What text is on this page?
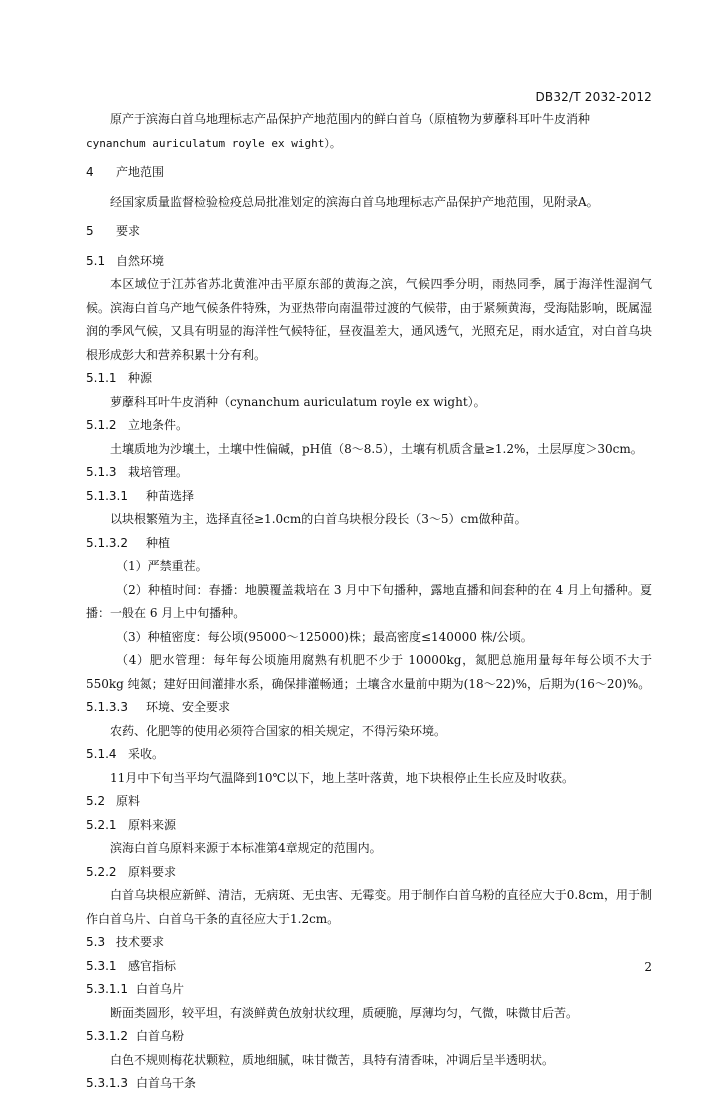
DB32/T 2032-2012

原产于滨海白首乌地理标志产品保护产地范围内的鲜白首乌（原植物为萝藦科耳叶牛皮消种

cynanchum auriculatum royle ex wight）。

4 产地范围

经国家质量监督检验检疫总局批准划定的滨海白首乌地理标志产品保护产地范围，见附录A。

5 要求

5.1 自然环境

本区域位于江苏省苏北黄淮冲击平原东部的黄海之滨，气候四季分明，雨热同季，属于海洋性湿润气候。滨海白首乌产地气候条件特殊，为亚热带向南温带过渡的气候带，由于紧频黄海，受海陆影响，既属湿润的季风气候，又具有明显的海洋性气候特征，昼夜温差大，通风透气，光照充足，雨水适宜，对白首乌块根形成彭大和营养积累十分有利。

5.1.1 种源

萝藦科耳叶牛皮消种（cynanchum auriculatum royle ex wight）。

5.1.2 立地条件。

土壤质地为沙壤土，土壤中性偏碱，pH值（8～8.5），土壤有机质含量≥1.2%，土层厚度＞30cm。

5.1.3 栽培管理。

5.1.3.1 种苗选择

以块根繁殖为主，选择直径≥1.0cm的白首乌块根分段长（3～5）cm做种苗。

5.1.3.2 种植

（1）严禁重茬。

（2）种植时间：春播：地膜覆盖栽培在 3 月中下旬播种，露地直播和间套种的在 4 月上旬播种。夏播：一般在 6 月上中旬播种。

（3）种植密度：每公顷(95000～125000)株；最高密度≤140000 株/公顷。

（4）肥水管理：每年每公顷施用腐熟有机肥不少于 10000kg，氮肥总施用量每年每公顷不大于550kg 纯氮；建好田间灌排水系，确保排灌畅通；土壤含水量前中期为(18～22)%，后期为(16～20)%。

5.1.3.3 环境、安全要求

农药、化肥等的使用必须符合国家的相关规定，不得污染环境。

5.1.4 采收。

11月中下旬当平均气温降到10℃以下，地上茎叶落黄，地下块根停止生长应及时收获。

5.2 原料

5.2.1 原料来源

滨海白首乌原料来源于本标准第4章规定的范围内。

5.2.2 原料要求

白首乌块根应新鲜、清洁，无病斑、无虫害、无霉变。用于制作白首乌粉的直径应大于0.8cm，用于制作白首乌片、白首乌干条的直径应大于1.2cm。

5.3 技术要求

5.3.1 感官指标

5.3.1.1 白首乌片

断面类圆形，较平坦，有淡鲜黄色放射状纹理，质硬脆，厚薄均匀，气微，味微甘后苦。

5.3.1.2 白首乌粉

白色不规则梅花状颗粒，质地细腻，味甘微苦，具特有清香味，冲调后呈半透明状。

5.3.1.3 白首乌干条

2
